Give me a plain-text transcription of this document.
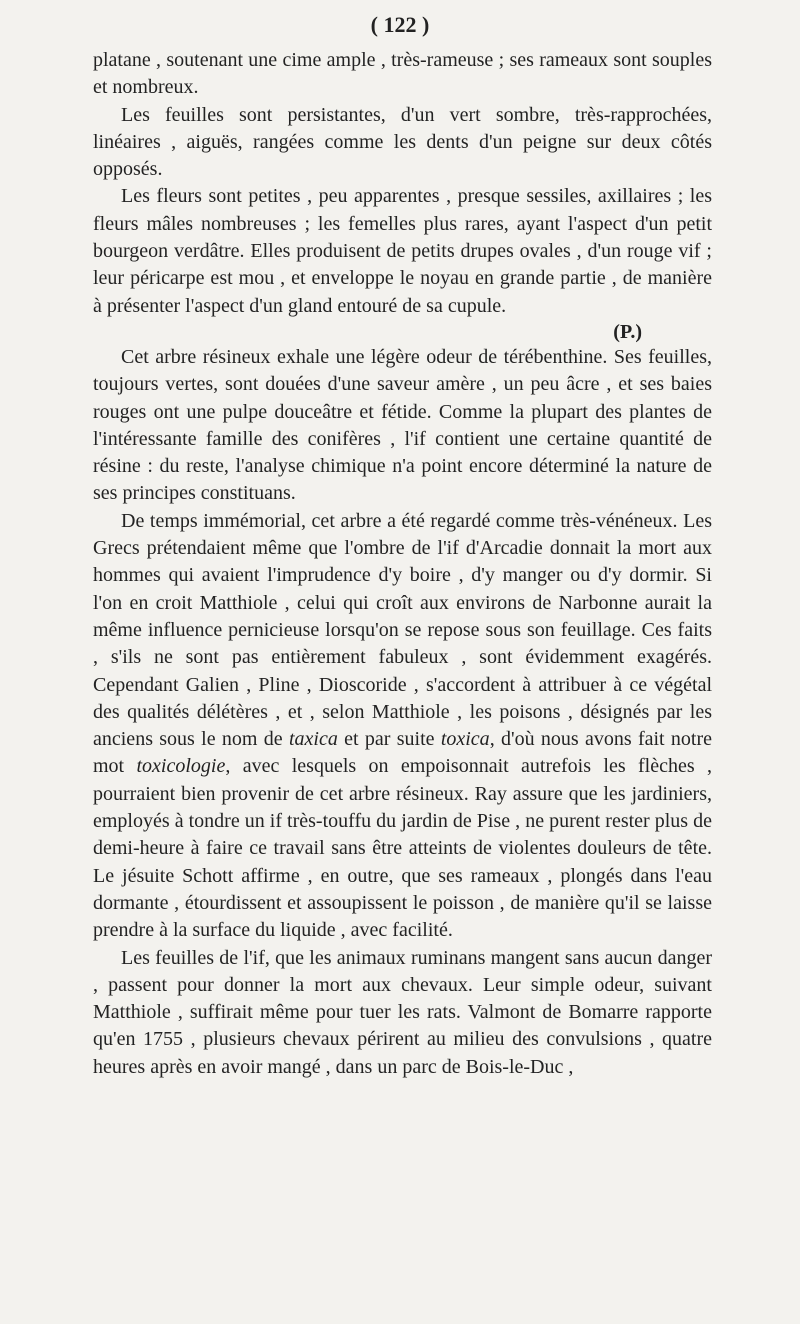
( 122 )

platane , soutenant une cime ample , très-rameuse ; ses rameaux sont souples et nombreux.

Les feuilles sont persistantes, d'un vert sombre, très-rapprochées, linéaires , aiguës, rangées comme les dents d'un peigne sur deux côtés opposés.

Les fleurs sont petites , peu apparentes , presque sessiles, axillaires ; les fleurs mâles nombreuses ; les femelles plus rares, ayant l'aspect d'un petit bourgeon verdâtre. Elles produisent de petits drupes ovales , d'un rouge vif ; leur péricarpe est mou , et enveloppe le noyau en grande partie , de manière à présenter l'aspect d'un gland entouré de sa cupule.

(P.)

Cet arbre résineux exhale une légère odeur de térébenthine. Ses feuilles, toujours vertes, sont douées d'une saveur amère , un peu âcre , et ses baies rouges ont une pulpe douceâtre et fétide. Comme la plupart des plantes de l'intéressante famille des conifères , l'if contient une certaine quantité de résine : du reste, l'analyse chimique n'a point encore déterminé la nature de ses principes constituans.

De temps immémorial, cet arbre a été regardé comme très-vénéneux. Les Grecs prétendaient même que l'ombre de l'if d'Arcadie donnait la mort aux hommes qui avaient l'imprudence d'y boire , d'y manger ou d'y dormir. Si l'on en croit Matthiole , celui qui croît aux environs de Narbonne aurait la même influence pernicieuse lorsqu'on se repose sous son feuillage. Ces faits , s'ils ne sont pas entièrement fabuleux , sont évidemment exagérés. Cependant Galien , Pline , Dioscoride , s'accordent à attribuer à ce végétal des qualités délétères , et , selon Matthiole , les poisons , désignés par les anciens sous le nom de taxica et par suite toxica, d'où nous avons fait notre mot toxicologie, avec lesquels on empoisonnait autrefois les flèches , pourraient bien provenir de cet arbre résineux. Ray assure que les jardiniers, employés à tondre un if très-touffu du jardin de Pise , ne purent rester plus de demi-heure à faire ce travail sans être atteints de violentes douleurs de tête. Le jésuite Schott affirme , en outre, que ses rameaux , plongés dans l'eau dormante , étourdissent et assoupissent le poisson , de manière qu'il se laisse prendre à la surface du liquide , avec facilité.

Les feuilles de l'if, que les animaux ruminans mangent sans aucun danger , passent pour donner la mort aux chevaux. Leur simple odeur, suivant Matthiole , suffirait même pour tuer les rats. Valmont de Bomarre rapporte qu'en 1755 , plusieurs chevaux périrent au milieu des convulsions , quatre heures après en avoir mangé , dans un parc de Bois-le-Duc ,
